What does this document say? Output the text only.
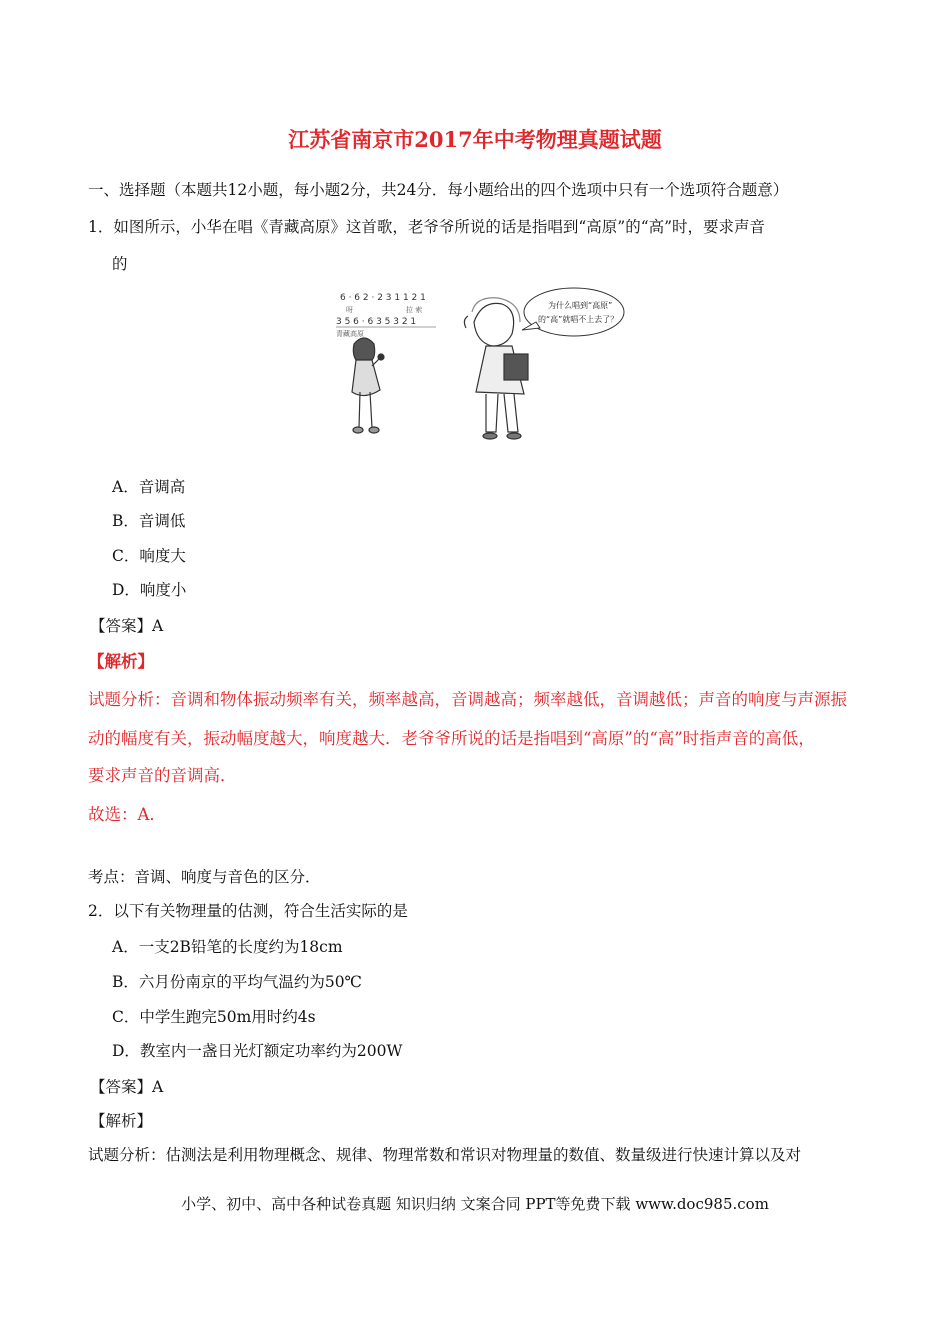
江苏省南京市2017年中考物理真题试题
一、选择题（本题共12小题，每小题2分，共24分．每小题给出的四个选项中只有一个选项符合题意）
1．如图所示，小华在唱《青藏高原》这首歌，老爷爷所说的话是指唱到“高原”的“高”时，要求声音
的
6 · 6 2 · 2 3 1 1 2 1
呀	拉 索
3 5 6 · 6 3 5 3 2 1
青藏高原
为什么唱到“高原”
的“高”就唱不上去了？
A．音调高
B．音调低
C．响度大
D．响度小
【答案】A
【解析】
试题分析：音调和物体振动频率有关，频率越高，音调越高；频率越低，音调越低；声音的响度与声源振
动的幅度有关，振动幅度越大，响度越大．老爷爷所说的话是指唱到“高原”的“高”时指声音的高低，
要求声音的音调高．
故选：A．
考点：音调、响度与音色的区分．
2．以下有关物理量的估测，符合生活实际的是
A．一支2B铅笔的长度约为18cm
B．六月份南京的平均气温约为50℃
C．中学生跑完50m用时约4s
D．教室内一盏日光灯额定功率约为200W
【答案】A
【解析】
试题分析：估测法是利用物理概念、规律、物理常数和常识对物理量的数值、数量级进行快速计算以及对
小学、初中、高中各种试卷真题 知识归纳 文案合同 PPT等免费下载 www.doc985.com
